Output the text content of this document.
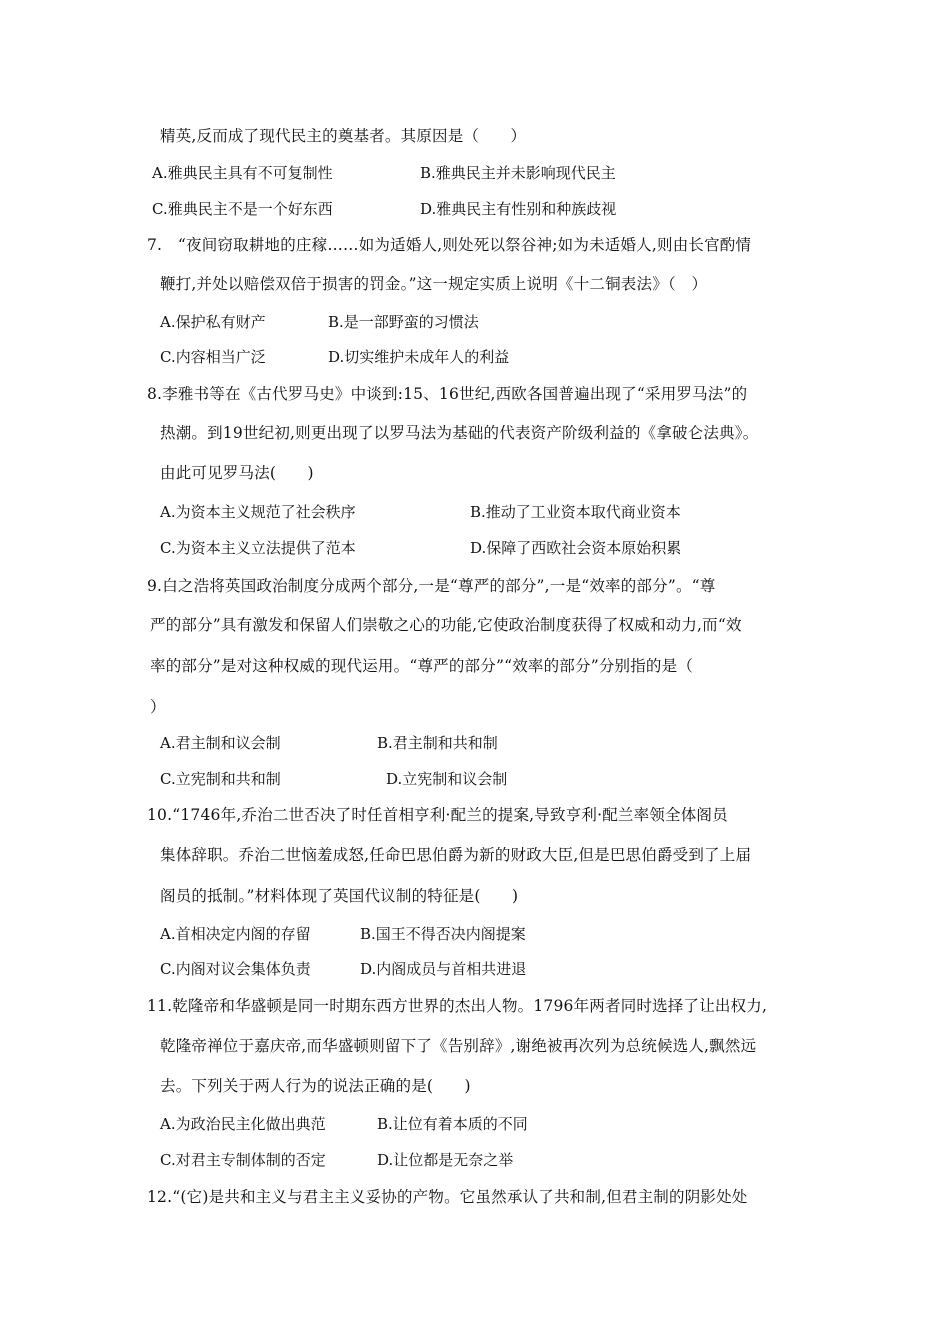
精英,反而成了现代民主的奠基者。其原因是（　　）
A.雅典民主具有不可复制性	B.雅典民主并未影响现代民主
C.雅典民主不是一个好东西	D.雅典民主有性别和种族歧视
7.　“夜间窃取耕地的庄稼……如为适婚人,则处死以祭谷神;如为未适婚人,则由长官酌情
鞭打,并处以赔偿双倍于损害的罚金。”这一规定实质上说明《十二铜表法》（　）
A.保护私有财产	B.是一部野蛮的习惯法
C.内容相当广泛	D.切实维护未成年人的利益
8.李雅书等在《古代罗马史》中谈到:15、16世纪,西欧各国普遍出现了“采用罗马法”的
热潮。到19世纪初,则更出现了以罗马法为基础的代表资产阶级利益的《拿破仑法典》。
由此可见罗马法(　　)
A.为资本主义规范了社会秩序	B.推动了工业资本取代商业资本
C.为资本主义立法提供了范本	D.保障了西欧社会资本原始积累
9.白之浩将英国政治制度分成两个部分,一是“尊严的部分”,一是“效率的部分”。“尊
严的部分”具有激发和保留人们崇敬之心的功能,它使政治制度获得了权威和动力,而“效
率的部分”是对这种权威的现代运用。“尊严的部分”“效率的部分”分别指的是（
）
A.君主制和议会制	B.君主制和共和制
C.立宪制和共和制	D.立宪制和议会制
10.“1746年,乔治二世否决了时任首相亨利·配兰的提案,导致亨利·配兰率领全体阁员
集体辞职。乔治二世恼羞成怒,任命巴思伯爵为新的财政大臣,但是巴思伯爵受到了上届
阁员的抵制。”材料体现了英国代议制的特征是(　　)
A.首相决定内阁的存留	B.国王不得否决内阁提案
C.内阁对议会集体负责	D.内阁成员与首相共进退
11.乾隆帝和华盛顿是同一时期东西方世界的杰出人物。1796年两者同时选择了让出权力,
乾隆帝禅位于嘉庆帝,而华盛顿则留下了《告别辞》,谢绝被再次列为总统候选人,飘然远
去。下列关于两人行为的说法正确的是(　　)
A.为政治民主化做出典范	B.让位有着本质的不同
C.对君主专制体制的否定	D.让位都是无奈之举
12.“(它)是共和主义与君主主义妥协的产物。它虽然承认了共和制,但君主制的阴影处处
